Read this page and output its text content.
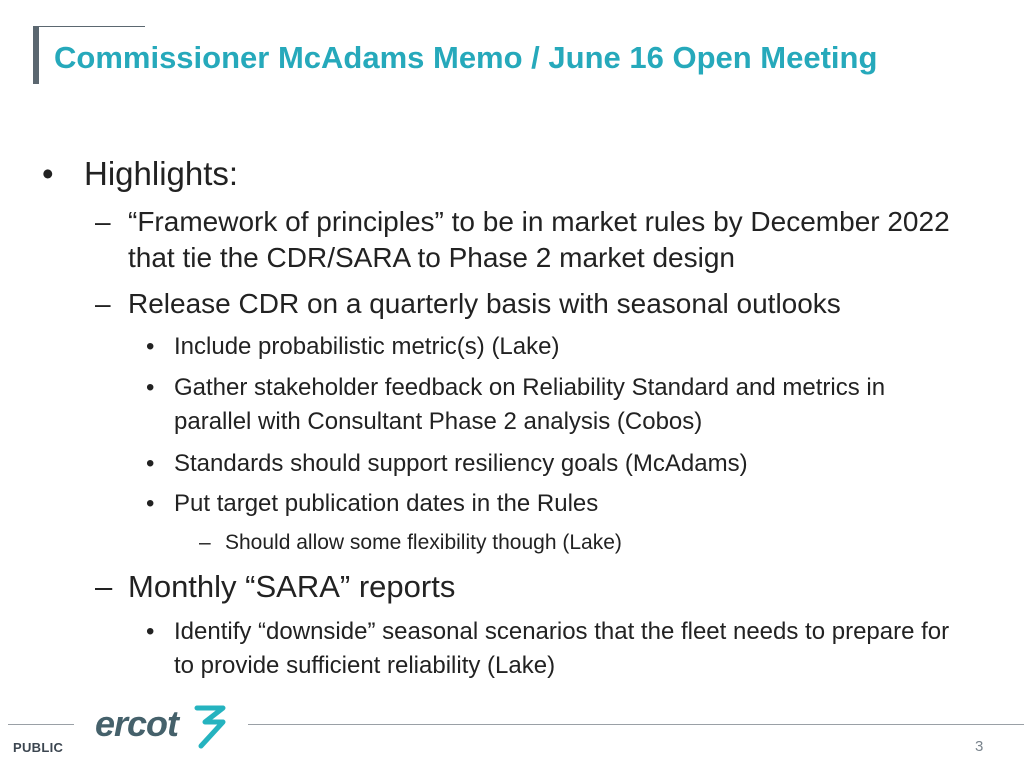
Commissioner McAdams Memo / June 16 Open Meeting
• Highlights:
– “Framework of principles” to be in market rules by December 2022 that tie the CDR/SARA to Phase 2 market design
– Release CDR on a quarterly basis with seasonal outlooks
• Include probabilistic metric(s) (Lake)
• Gather stakeholder feedback on Reliability Standard and metrics in parallel with Consultant Phase 2 analysis (Cobos)
• Standards should support resiliency goals (McAdams)
• Put target publication dates in the Rules
– Should allow some flexibility though (Lake)
– Monthly “SARA” reports
• Identify “downside” seasonal scenarios that the fleet needs to prepare for to provide sufficient reliability (Lake)
ercot
PUBLIC	3
